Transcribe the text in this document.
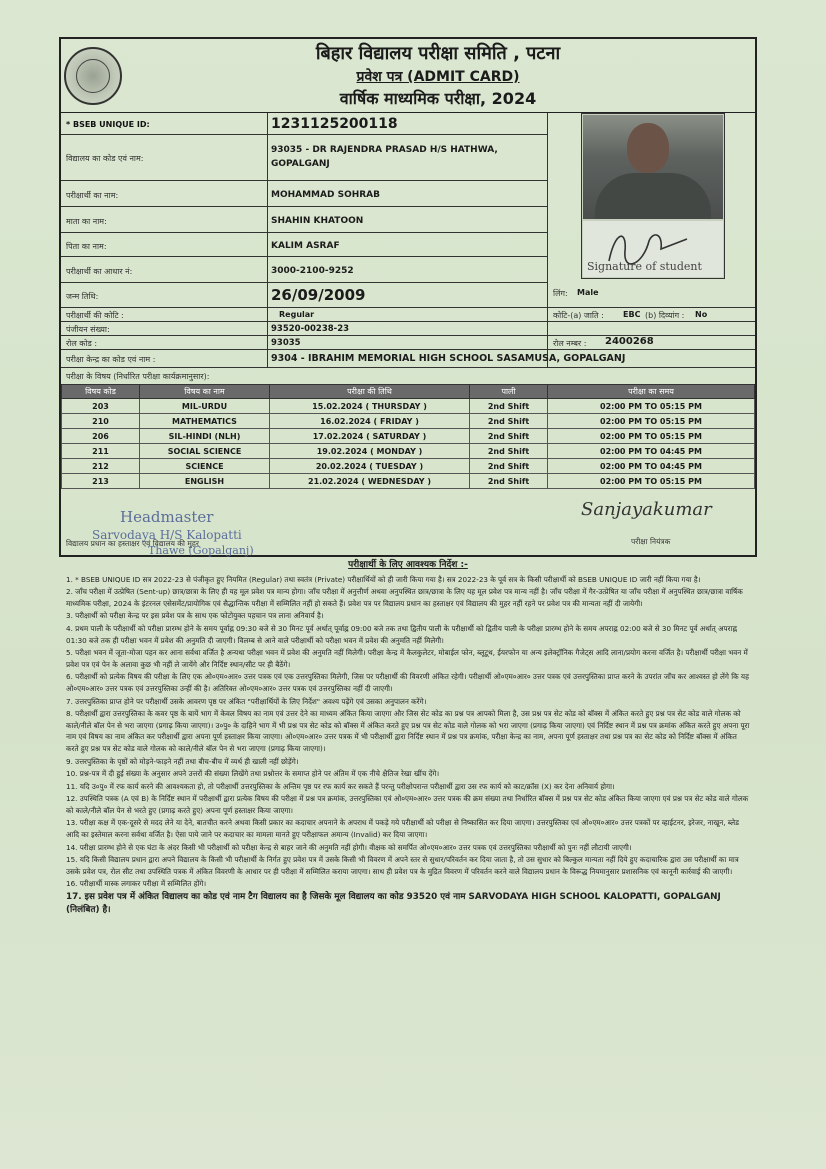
बिहार विद्यालय परीक्षा समिति , पटना
प्रवेश पत्र (ADMIT CARD)
वार्षिक माध्यमिक परीक्षा, 2024
* BSEB UNIQUE ID:	1231125200118
विद्यालय का कोड एवं नाम:
93035 - DR RAJENDRA PRASAD H/S HATHWA,
GOPALGANJ
परीक्षार्थी का नाम:	MOHAMMAD SOHRAB
माता का नाम:	SHAHIN KHATOON
पिता का नाम:	KALIM ASRAF
परीक्षार्थी का आधार नं:	3000-2100-9252
जन्म तिथि:	26/09/2009	लिंग: Male
परीक्षार्थी की कोटि :	Regular	कोटि-(a) जाति : EBC (b) दिव्यांग : No
पंजीयन संख्या:	93520-00238-23
रोल कोड :	93035	रोल नम्बर : 2400268
परीक्षा केन्द्र का कोड एवं नाम :	9304 - IBRAHIM MEMORIAL HIGH SCHOOL SASAMUSA, GOPALGANJ
परीक्षा के विषय (निर्धारित परीक्षा कार्यक्रमानुसार):
Signature of student
विषय कोड	विषय का नाम	परीक्षा की तिथि	पाली	परीक्षा का समय
203	MIL-URDU	15.02.2024 ( THURSDAY )	2nd Shift	02:00 PM TO 05:15 PM
210	MATHEMATICS	16.02.2024 ( FRIDAY )	2nd Shift	02:00 PM TO 05:15 PM
206	SIL-HINDI (NLH)	17.02.2024 ( SATURDAY )	2nd Shift	02:00 PM TO 05:15 PM
211	SOCIAL SCIENCE	19.02.2024 ( MONDAY )	2nd Shift	02:00 PM TO 04:45 PM
212	SCIENCE	20.02.2024 ( TUESDAY )	2nd Shift	02:00 PM TO 04:45 PM
213	ENGLISH	21.02.2024 ( WEDNESDAY )	2nd Shift	02:00 PM TO 05:15 PM
विद्यालय प्रधान का हस्ताक्षर एवं विद्यालय की मुहर
Sanjayakumar
परीक्षा नियंत्रक
Headmaster
Sarvodaya H/S Kalopatti
Thawe (Gopalganj)
परीक्षार्थी के लिए आवश्यक निर्देश :-
1. * BSEB UNIQUE ID सत्र 2022-23 से पंजीकृत हुए नियमित (Regular) तथा स्वतंत्र (Private) परीक्षार्थियों को ही जारी किया गया है। सत्र 2022-23 के पूर्व सत्र के किसी परीक्षार्थी को BSEB UNIQUE ID जारी नहीं किया गया है।
2. जाँच परीक्षा में उत्प्रेषित (Sent-up) छात्र/छात्रा के लिए ही यह मूल प्रवेश पत्र मान्य होगा। जाँच परीक्षा में अनुत्तीर्ण अथवा अनुपस्थित छात्र/छात्रा के लिए यह मूल प्रवेश पत्र मान्य नहीं है। जाँच परीक्षा में गैर-उत्प्रेषित या जाँच परीक्षा में अनुपस्थित छात्र/छात्रा वार्षिक माध्यमिक परीक्षा, 2024 के इंटरनल एसेसमेंट/प्रायोगिक एवं सैद्धान्तिक परीक्षा में सम्मिलित नहीं हो सकते हैं। प्रवेश पत्र पर विद्यालय प्रधान का हस्ताक्षर एवं विद्यालय की मुहर नहीं रहने पर प्रवेश पत्र की मान्यता नहीं दी जायेगी।
3. परीक्षार्थी को परीक्षा केन्द्र पर इस प्रवेश पत्र के साथ एक फोटोयुक्त पहचान पत्र लाना अनिवार्य है।
4. प्रथम पाली के परीक्षार्थी को परीक्षा प्रारम्भ होने के समय पूर्वाह्न 09:30 बजे से 30 मिनट पूर्व अर्थात् पूर्वाह्न 09:00 बजे तक तथा द्वितीय पाली के परीक्षार्थी को द्वितीय पाली के परीक्षा प्रारम्भ होने के समय अपराह्न 02:00 बजे से 30 मिनट पूर्व अर्थात् अपराह्न 01:30 बजे तक ही परीक्षा भवन में प्रवेश की अनुमति दी जाएगी। विलम्ब से आने वाले परीक्षार्थी को परीक्षा भवन में प्रवेश की अनुमति नहीं मिलेगी।
5. परीक्षा भवन में जूता-मोजा पहन कर आना सर्वथा वर्जित है अन्यथा परीक्षा भवन में प्रवेश की अनुमति नहीं मिलेगी। परीक्षा केन्द्र में कैलकुलेटर, मोबाईल फोन, ब्लूटूथ, ईयरफोन या अन्य इलेक्ट्रॉनिक गैजेट्स आदि लाना/प्रयोग करना वर्जित है। परीक्षार्थी परीक्षा भवन में प्रवेश पत्र एवं पेन के अलावा कुछ भी नहीं ले जायेंगे और निर्दिष्ट स्थान/सीट पर ही बैठेंगे।
6. परीक्षार्थी को प्रत्येक विषय की परीक्षा के लिए एक ओ०एम०आर० उत्तर पत्रक एवं एक उत्तरपुस्तिका मिलेगी, जिस पर परीक्षार्थी की विवरणी अंकित रहेगी। परीक्षार्थी ओ०एम०आर० उत्तर पत्रक एवं उत्तरपुस्तिका प्राप्त करने के उपरांत जाँच कर आश्वस्त हो लेंगे कि यह ओ०एम०आर० उत्तर पत्रक एवं उत्तरपुस्तिका उन्हीं की है। अतिरिक्त ओ०एम०आर० उत्तर पत्रक एवं उत्तरपुस्तिका नहीं दी जाएगी।
7. उत्तरपुस्तिका प्राप्त होने पर परीक्षार्थी उसके आवरण पृष्ठ पर अंकित "परीक्षार्थियों के लिए निर्देश" अवश्य पढ़ेंगे एवं उसका अनुपालन करेंगे।
8. परीक्षार्थी द्वारा उत्तरपुस्तिका के कवर पृष्ठ के बायें भाग में केवल विषय का नाम एवं उत्तर देने का माध्यम अंकित किया जाएगा और जिस सेट कोड का प्रश्न पत्र आपको मिला है, उस प्रश्न पत्र सेट कोड को बॉक्स में अंकित करते हुए प्रश्न पत्र सेट कोड वाले गोलक को काले/नीले बॉल पेन से भरा जाएगा (प्रगाढ़ किया जाएगा)। उ०पु० के दाहिने भाग में भी प्रश्न पत्र सेट कोड को बॉक्स में अंकित करते हुए प्रश्न पत्र सेट कोड वाले गोलक को भरा जाएगा (प्रगाढ़ किया जाएगा) एवं निर्दिष्ट स्थान में प्रश्न पत्र क्रमांक अंकित करते हुए अपना पूरा नाम एवं विषय का नाम अंकित कर परीक्षार्थी द्वारा अपना पूर्ण हस्ताक्षर किया जाएगा। ओ०एम०आर० उत्तर पत्रक में भी परीक्षार्थी द्वारा निर्दिष्ट स्थान में प्रश्न पत्र क्रमांक, परीक्षा केन्द्र का नाम, अपना पूर्ण हस्ताक्षर तथा प्रश्न पत्र का सेट कोड को निर्दिष्ट बॉक्स में अंकित करते हुए प्रश्न पत्र सेट कोड वाले गोलक को काले/नीले बॉल पेन से भरा जाएगा (प्रगाढ़ किया जाएगा)।
9. उत्तरपुस्तिका के पृष्ठों को मोड़ने-फाड़ने नहीं तथा बीच-बीच में व्यर्थ ही खाली नहीं छोड़ेंगे।
10. प्रश्न-पत्र में दी हुई संख्या के अनुसार अपने उत्तरों की संख्या लिखेंगे तथा प्रश्नोत्तर के समाप्त होने पर अंतिम में एक नीचे क्षैतिज रेखा खींच देंगे।
11. यदि उ०पु० में रफ कार्य करने की आवश्यकता हो, तो परीक्षार्थी उत्तरपुस्तिका के अन्तिम पृष्ठ पर रफ कार्य कर सकते हैं परन्तु परीक्षोपरान्त परीक्षार्थी द्वारा उस रफ कार्य को काट/क्रॉस (X) कर देना अनिवार्य होगा।
12. उपस्थिति पत्रक (A एवं B) के निर्दिष्ट स्थान में परीक्षार्थी द्वारा प्रत्येक विषय की परीक्षा में प्रश्न पत्र क्रमांक, उत्तरपुस्तिका एवं ओ०एम०आर० उत्तर पत्रक की क्रम संख्या तथा निर्धारित बॉक्स में प्रश्न पत्र सेट कोड अंकित किया जाएगा एवं प्रश्न पत्र सेट कोड वाले गोलक को काले/नीले बॉल पेन से भरते हुए (प्रगाढ़ करते हुए) अपना पूर्ण हस्ताक्षर किया जाएगा।
13. परीक्षा कक्ष में एक-दूसरे से मदद लेने या देने, बातचीत करने अथवा किसी प्रकार का कदाचार अपनाने के अपराध में पकड़े गये परीक्षार्थी को परीक्षा से निष्कासित कर दिया जाएगा। उत्तरपुस्तिका एवं ओ०एम०आर० उत्तर पत्रकों पर व्हाईटनर, इरेजर, नाखून, ब्लेड आदि का इस्तेमाल करना सर्वथा वर्जित है। ऐसा पाये जाने पर कदाचार का मामला मानते हुए परीक्षाफल अमान्य (Invalid) कर दिया जाएगा।
14. परीक्षा प्रारम्भ होने से एक घंटा के अंदर किसी भी परीक्षार्थी को परीक्षा केन्द्र से बाहर जाने की अनुमति नहीं होगी। वीक्षक को समर्पित ओ०एम०आर० उत्तर पत्रक एवं उत्तरपुस्तिका परीक्षार्थी को पुनः नहीं लौटायी जाएगी।
15. यदि किसी विद्यालय प्रधान द्वारा अपने विद्यालय के किसी भी परीक्षार्थी के निर्गत हुए प्रवेश पत्र में उसके किसी भी विवरण में अपने स्तर से सुधार/परिवर्तन कर दिया जाता है, तो उस सुधार को बिल्कुल मान्यता नहीं दिये हुए कदाचारिक द्वारा उस परीक्षार्थी का मात्र उसके प्रवेश पत्र, रोल सीट तथा उपस्थिति पत्रक में अंकित विवरणी के आधार पर ही परीक्षा में सम्मिलित कराया जाएगा। साथ ही प्रवेश पत्र के मुद्रित विवरण में परिवर्तन करने वाले विद्यालय प्रधान के विरूद्ध नियमानुसार प्रशासनिक एवं कानूनी कार्रवाई की जाएगी।
16. परीक्षार्थी मास्क लगाकर परीक्षा में सम्मिलित होंगे।
17. इस प्रवेश पत्र में अंकित विद्यालय का कोड एवं नाम टैग विद्यालय का है जिसके मूल विद्यालय का कोड 93520 एवं नाम SARVODAYA HIGH SCHOOL KALOPATTI, GOPALGANJ (निलंबित) है।
